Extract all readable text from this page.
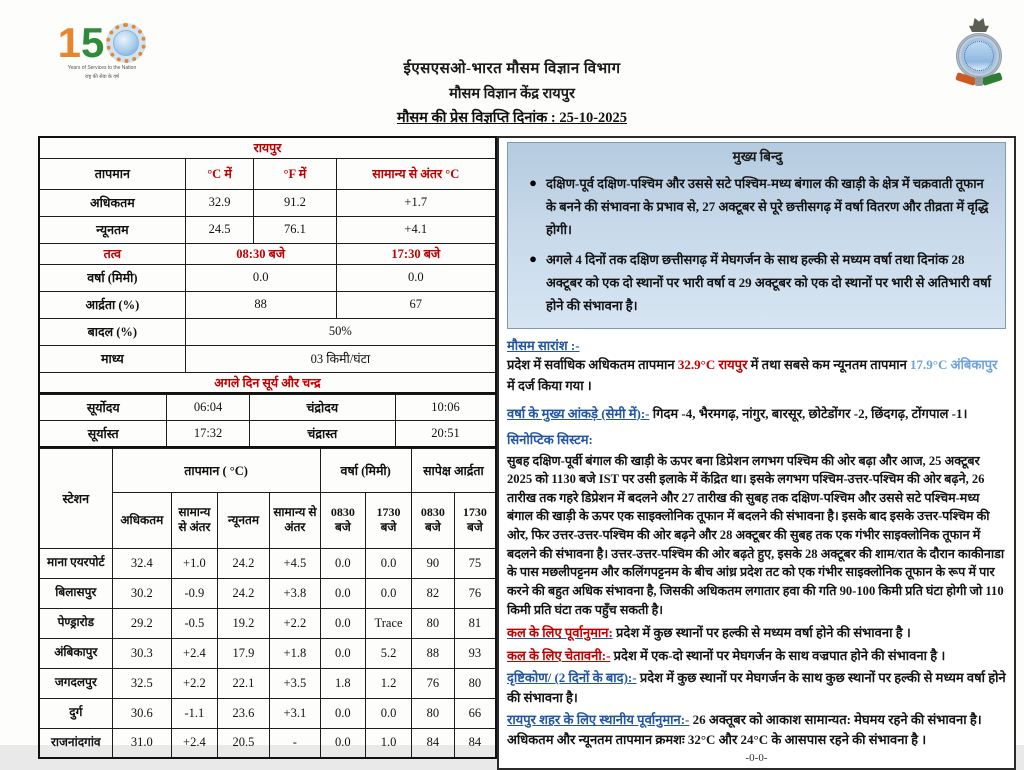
1 5
Years of Services to the Nation
राष्ट्र की सेवा के वर्ष	ईएसएसओ-भारत मौसम विज्ञान विभाग
मौसम विज्ञान केंद्र रायपुर
मौसम की प्रेस विज्ञप्ति दिनांक : 25-10-2025
रायपुर			
तापमान	°C में	°F में	सामान्य से अंतर °C
अधिकतम	32.9	91.2	+1.7
न्यूनतम	24.5	76.1	+4.1
तत्व	08:30 बजे		17:30 बजे
वर्षा (मिमी)	0.0		0.0
आर्द्रता (%)	88		67
बादल (%)	50%		
माध्य	03 किमी/घंटा		
अगले दिन सूर्य और चन्द्र			
सूर्योदय	06:04	चंद्रोदय	10:06
सूर्यास्त	17:32	चंद्रास्त	20:51
स्टेशन	तापमान ( °C)				वर्षा (मिमी)		सापेक्ष आर्द्रता	
	अधिकतम	सामान्य से अंतर	न्यूनतम	सामान्य से अंतर	0830 बजे	1730 बजे	0830 बजे	1730 बजे
माना एयरपोर्ट	32.4	+1.0	24.2	+4.5	0.0	0.0	90	75
बिलासपुर	30.2	-0.9	24.2	+3.8	0.0	0.0	82	76
पेण्ड्रारोड	29.2	-0.5	19.2	+2.2	0.0	Trace	80	81
अंबिकापुर	30.3	+2.4	17.9	+1.8	0.0	5.2	88	93
जगदलपुर	32.5	+2.2	22.1	+3.5	1.8	1.2	76	80
दुर्ग	30.6	-1.1	23.6	+3.1	0.0	0.0	80	66
राजनांदगांव	31.0	+2.4	20.5	-	0.0	1.0	84	84
मुख्य बिन्दु
● दक्षिण-पूर्व दक्षिण-पश्चिम और उससे सटे पश्चिम-मध्य बंगाल की खाड़ी के क्षेत्र में चक्रवाती तूफान के बनने की संभावना के प्रभाव से, 27 अक्टूबर से पूरे छत्तीसगढ़ में वर्षा वितरण और तीव्रता में वृद्धि होगी।
● अगले 4 दिनों तक दक्षिण छत्तीसगढ़ में मेघगर्जन के साथ हल्की से मध्यम वर्षा तथा दिनांक 28 अक्टूबर को एक दो स्थानों पर भारी वर्षा व 29 अक्टूबर को एक दो स्थानों पर भारी से अतिभारी वर्षा होने की संभावना है।
मौसम सारांश :-
प्रदेश में सर्वाधिक अधिकतम तापमान 32.9°C रायपुर में तथा सबसे कम न्यूनतम तापमान 17.9°C अंबिकापुर में दर्ज किया गया ।
वर्षा के मुख्य आंकड़े (सेमी में):- गिदम -4, भैरमगढ़, नांगुर, बारसूर, छोटेडोंगर -2, छिंदगढ़, टोंगपाल -1।
सिनोप्टिक सिस्टम:
सुबह दक्षिण-पूर्वी बंगाल की खाड़ी के ऊपर बना डिप्रेशन लगभग पश्चिम की ओर बढ़ा और आज, 25 अक्टूबर 2025 को 1130 बजे IST पर उसी इलाके में केंद्रित था। इसके लगभग पश्चिम-उत्तर-पश्चिम की ओर बढ़ने, 26 तारीख तक गहरे डिप्रेशन में बदलने और 27 तारीख की सुबह तक दक्षिण-पश्चिम और उससे सटे पश्चिम-मध्य बंगाल की खाड़ी के ऊपर एक साइक्लोनिक तूफान में बदलने की संभावना है। इसके बाद इसके उत्तर-पश्चिम की ओर, फिर उत्तर-उत्तर-पश्चिम की ओर बढ़ने और 28 अक्टूबर की सुबह तक एक गंभीर साइक्लोनिक तूफान में बदलने की संभावना है। उत्तर-उत्तर-पश्चिम की ओर बढ़ते हुए, इसके 28 अक्टूबर की शाम/रात के दौरान काकीनाडा के पास मछलीपट्टनम और कलिंगपट्टनम के बीच आंध्र प्रदेश तट को एक गंभीर साइक्लोनिक तूफान के रूप में पार करने की बहुत अधिक संभावना है, जिसकी अधिकतम लगातार हवा की गति 90-100 किमी प्रति घंटा होगी जो 110 किमी प्रति घंटा तक पहुँच सकती है।
कल के लिए पूर्वानुमान: प्रदेश में कुछ स्थानों पर हल्की से मध्यम वर्षा होने की संभावना है ।
कल के लिए चेतावनी:- प्रदेश में एक-दो स्थानों पर मेघगर्जन के साथ वज्रपात होने की संभावना है ।
दृष्टिकोण/ (2 दिनों के बाद):- प्रदेश में कुछ स्थानों पर मेघगर्जन के साथ कुछ स्थानों पर हल्की से मध्यम वर्षा होने की संभावना है।
रायपुर शहर के लिए स्थानीय पूर्वानुमान:- 26 अक्तूबर को आकाश सामान्यत: मेघमय रहने की संभावना है। अधिकतम और न्यूनतम तापमान क्रमशः 32°C और 24°C के आसपास रहने की संभावना है ।
-0-0-
